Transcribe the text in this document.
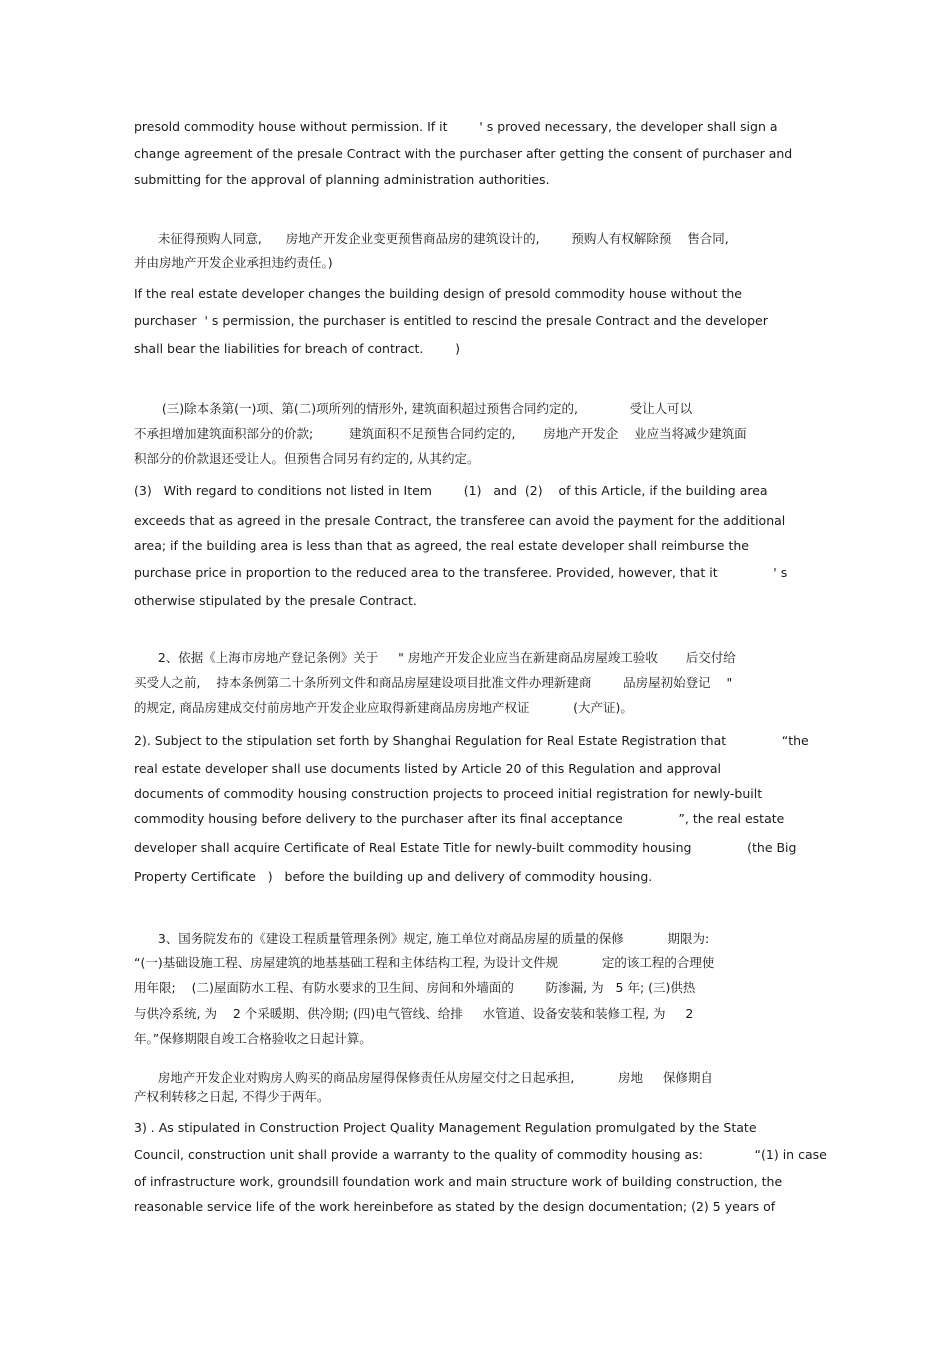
presold commodity house without permission. If it        ' s proved necessary, the developer shall sign a
change agreement of the presale Contract with the purchaser after getting the consent of purchaser and
submitting for the approval of planning administration authorities.
未征得预购人同意,      房地产开发企业变更预售商品房的建筑设计的,        预购人有权解除预    售合同,
并由房地产开发企业承担违约责任。)
If the real estate developer changes the building design of presold commodity house without the
purchaser  ' s permission, the purchaser is entitled to rescind the presale Contract and the developer
shall bear the liabilities for breach of contract.        )
(三)除本条第(一)项、第(二)项所列的情形外, 建筑面积超过预售合同约定的,             受让人可以
不承担增加建筑面积部分的价款;         建筑面积不足预售合同约定的,       房地产开发企    业应当将减少建筑面
积部分的价款退还受让人。但预售合同另有约定的, 从其约定。
(3)   With regard to conditions not listed in Item        (1)   and  (2)    of this Article, if the building area
exceeds that as agreed in the presale Contract, the transferee can avoid the payment for the additional
area; if the building area is less than that as agreed, the real estate developer shall reimburse the
purchase price in proportion to the reduced area to the transferee. Provided, however, that it              ' s
otherwise stipulated by the presale Contract.
2、依据《上海市房地产登记条例》关于     " 房地产开发企业应当在新建商品房屋竣工验收       后交付给
买受人之前,    持本条例第二十条所列文件和商品房屋建设项目批准文件办理新建商        品房屋初始登记    "
的规定, 商品房建成交付前房地产开发企业应取得新建商品房房地产权证           (大产证)。
2). Subject to the stipulation set forth by Shanghai Regulation for Real Estate Registration that              “the
real estate developer shall use documents listed by Article 20 of this Regulation and approval
documents of commodity housing construction projects to proceed initial registration for newly-built
commodity housing before delivery to the purchaser after its final acceptance              ”, the real estate
developer shall acquire Certificate of Real Estate Title for newly-built commodity housing              (the Big
Property Certificate   )   before the building up and delivery of commodity housing.
3、国务院发布的《建设工程质量管理条例》规定, 施工单位对商品房屋的质量的保修           期限为:
“(一)基础设施工程、房屋建筑的地基基础工程和主体结构工程, 为设计文件规           定的该工程的合理使
用年限;    (二)屋面防水工程、有防水要求的卫生间、房间和外墙面的        防渗漏, 为   5 年; (三)供热
与供冷系统, 为    2 个采暖期、供冷期; (四)电气管线、给排     水管道、设备安装和装修工程, 为     2
年。”保修期限自竣工合格验收之日起计算。
房地产开发企业对购房人购买的商品房屋得保修责任从房屋交付之日起承担,           房地     保修期自
产权利转移之日起, 不得少于两年。
3) . As stipulated in Construction Project Quality Management Regulation promulgated by the State
Council, construction unit shall provide a warranty to the quality of commodity housing as:             “(1) in case
of infrastructure work, groundsill foundation work and main structure work of building construction, the
reasonable service life of the work hereinbefore as stated by the design documentation; (2) 5 years of
